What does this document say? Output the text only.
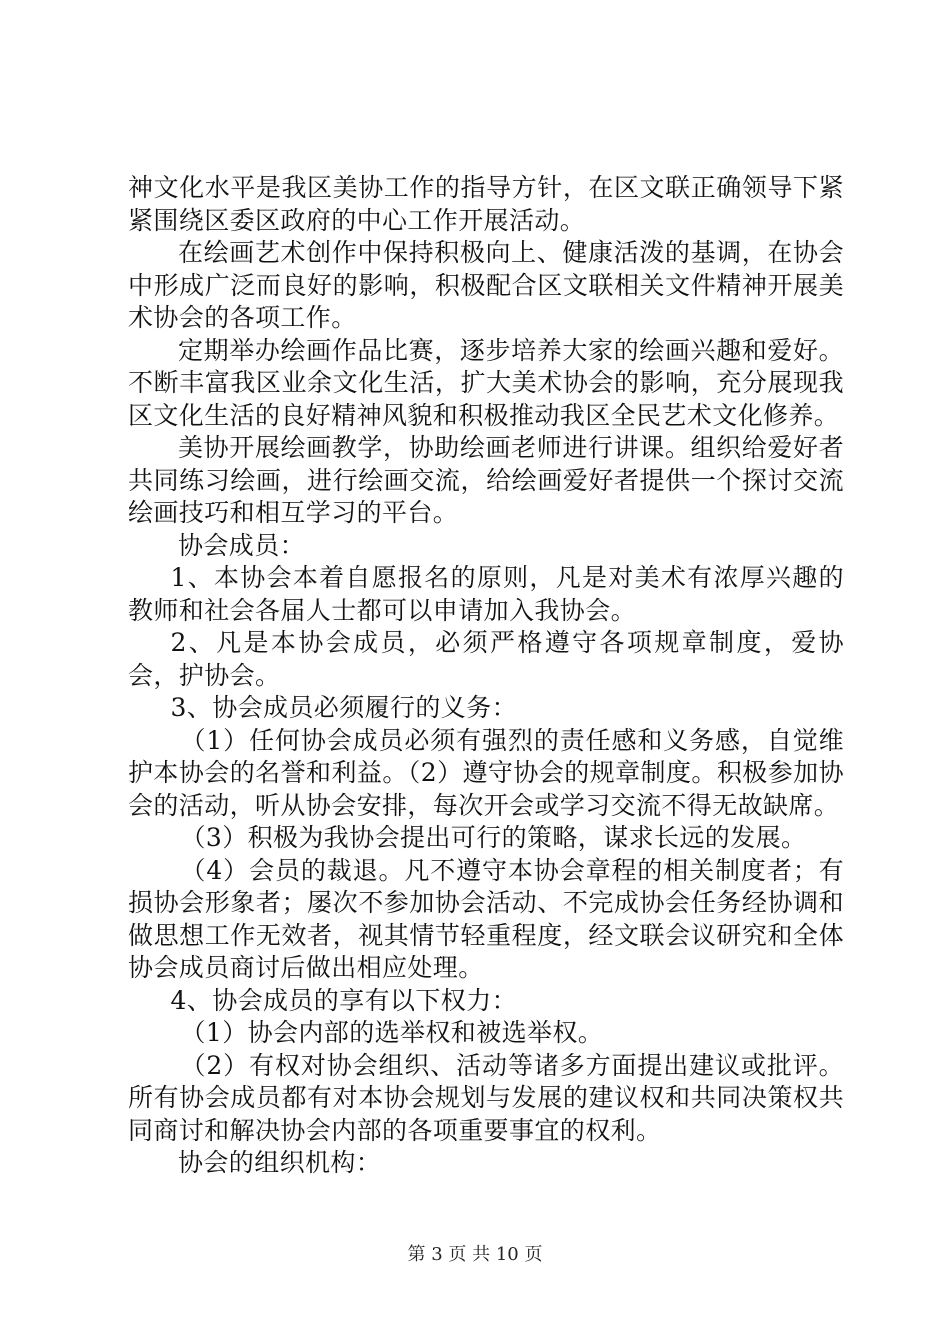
神文化水平是我区美协工作的指导方针，在区文联正确领导下紧紧围绕区委区政府的中心工作开展活动。

在绘画艺术创作中保持积极向上、健康活泼的基调，在协会中形成广泛而良好的影响，积极配合区文联相关文件精神开展美术协会的各项工作。

定期举办绘画作品比赛，逐步培养大家的绘画兴趣和爱好。不断丰富我区业余文化生活，扩大美术协会的影响，充分展现我区文化生活的良好精神风貌和积极推动我区全民艺术文化修养。

美协开展绘画教学，协助绘画老师进行讲课。组织给爱好者共同练习绘画，进行绘画交流，给绘画爱好者提供一个探讨交流绘画技巧和相互学习的平台。

协会成员：

1、本协会本着自愿报名的原则，凡是对美术有浓厚兴趣的教师和社会各届人士都可以申请加入我协会。

2、凡是本协会成员，必须严格遵守各项规章制度，爱协会，护协会。

3、协会成员必须履行的义务：

（1）任何协会成员必须有强烈的责任感和义务感，自觉维护本协会的名誉和利益。（2）遵守协会的规章制度。积极参加协会的活动，听从协会安排，每次开会或学习交流不得无故缺席。

（3）积极为我协会提出可行的策略，谋求长远的发展。

（4）会员的裁退。凡不遵守本协会章程的相关制度者；有损协会形象者；屡次不参加协会活动、不完成协会任务经协调和做思想工作无效者，视其情节轻重程度，经文联会议研究和全体协会成员商讨后做出相应处理。

4、协会成员的享有以下权力：

（1）协会内部的选举权和被选举权。

（2）有权对协会组织、活动等诸多方面提出建议或批评。所有协会成员都有对本协会规划与发展的建议权和共同决策权共同商讨和解决协会内部的各项重要事宜的权利。

协会的组织机构：

第 3 页 共 10 页
